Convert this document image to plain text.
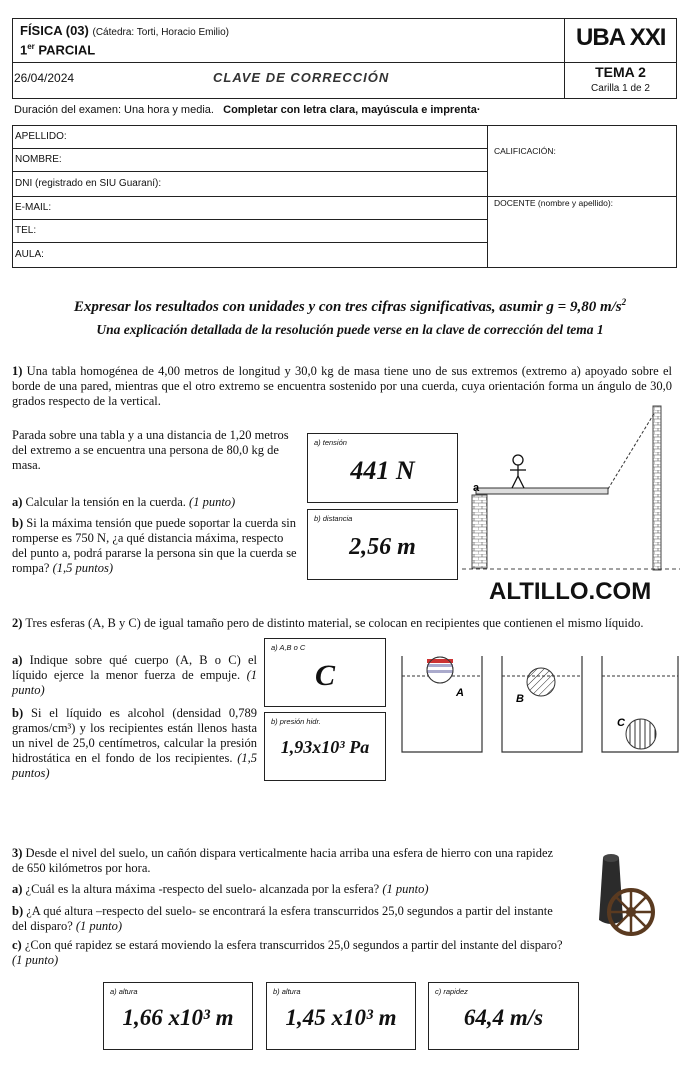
FÍSICA (03) (Cátedra: Torti, Horacio Emilio)
1er PARCIAL	UBA XXI
26/04/2024	CLAVE DE CORRECCIÓN	TEMA 2
Carilla 1 de 2
Duración del examen: Una hora y media. Completar con letra clara, mayúscula e imprenta·
APELLIDO:
NOMBRE:
DNI (registrado en SIU Guaraní):
E-MAIL:
TEL:
AULA:
CALIFICACIÓN:
DOCENTE (nombre y apellido):
Expresar los resultados con unidades y con tres cifras significativas, asumir g = 9,80 $m/s^2$
Una explicación detallada de la resolución puede verse en la clave de corrección del tema 1
1) Una tabla homogénea de 4,00 metros de longitud y 30,0 kg de masa tiene uno de sus extremos (extremo a) apoyado sobre el borde de una pared, mientras que el otro extremo se encuentra sostenido por una cuerda, cuya orientación forma un ángulo de 30,0 grados respecto de la vertical.
Parada sobre una tabla y a una distancia de 1,20 metros del extremo a se encuentra una persona de 80,0 kg de masa.
a) Calcular la tensión en la cuerda. (1 punto)
b) Si la máxima tensión que puede soportar la cuerda sin romperse es 750 N, ¿a qué distancia máxima, respecto del punto a, podrá pararse la persona sin que la cuerda se rompa? (1,5 puntos)
a) tensión
441 N
b) distancia
2,56 m
a
ALTILLO.COM
2) Tres esferas (A, B y C) de igual tamaño pero de distinto material, se colocan en recipientes que contienen el mismo líquido.
a) Indique sobre qué cuerpo (A, B o C) el líquido ejerce la menor fuerza de empuje. (1 punto)
b) Si el líquido es alcohol (densidad 0,789 gramos/cm³) y los recipientes están llenos hasta un nivel de 25,0 centímetros, calcular la presión hidrostática en el fondo de los recipientes. (1,5 puntos)
a) A,B o C
C
b) presión hidr.
1,93x10³ Pa
A	B
C
3) Desde el nivel del suelo, un cañón dispara verticalmente hacia arriba una esfera de hierro con una rapidez de 650 kilómetros por hora.
a) ¿Cuál es la altura máxima -respecto del suelo- alcanzada por la esfera? (1 punto)
b) ¿A qué altura –respecto del suelo- se encontrará la esfera transcurridos 25,0 segundos a partir del instante del disparo? (1 punto)
c) ¿Con qué rapidez se estará moviendo la esfera transcurridos 25,0 segundos a partir del instante del disparo? (1 punto)
a) altura
1,66 x10³ m
b) altura
1,45 x10³ m
c) rapidez
64,4 m/s
